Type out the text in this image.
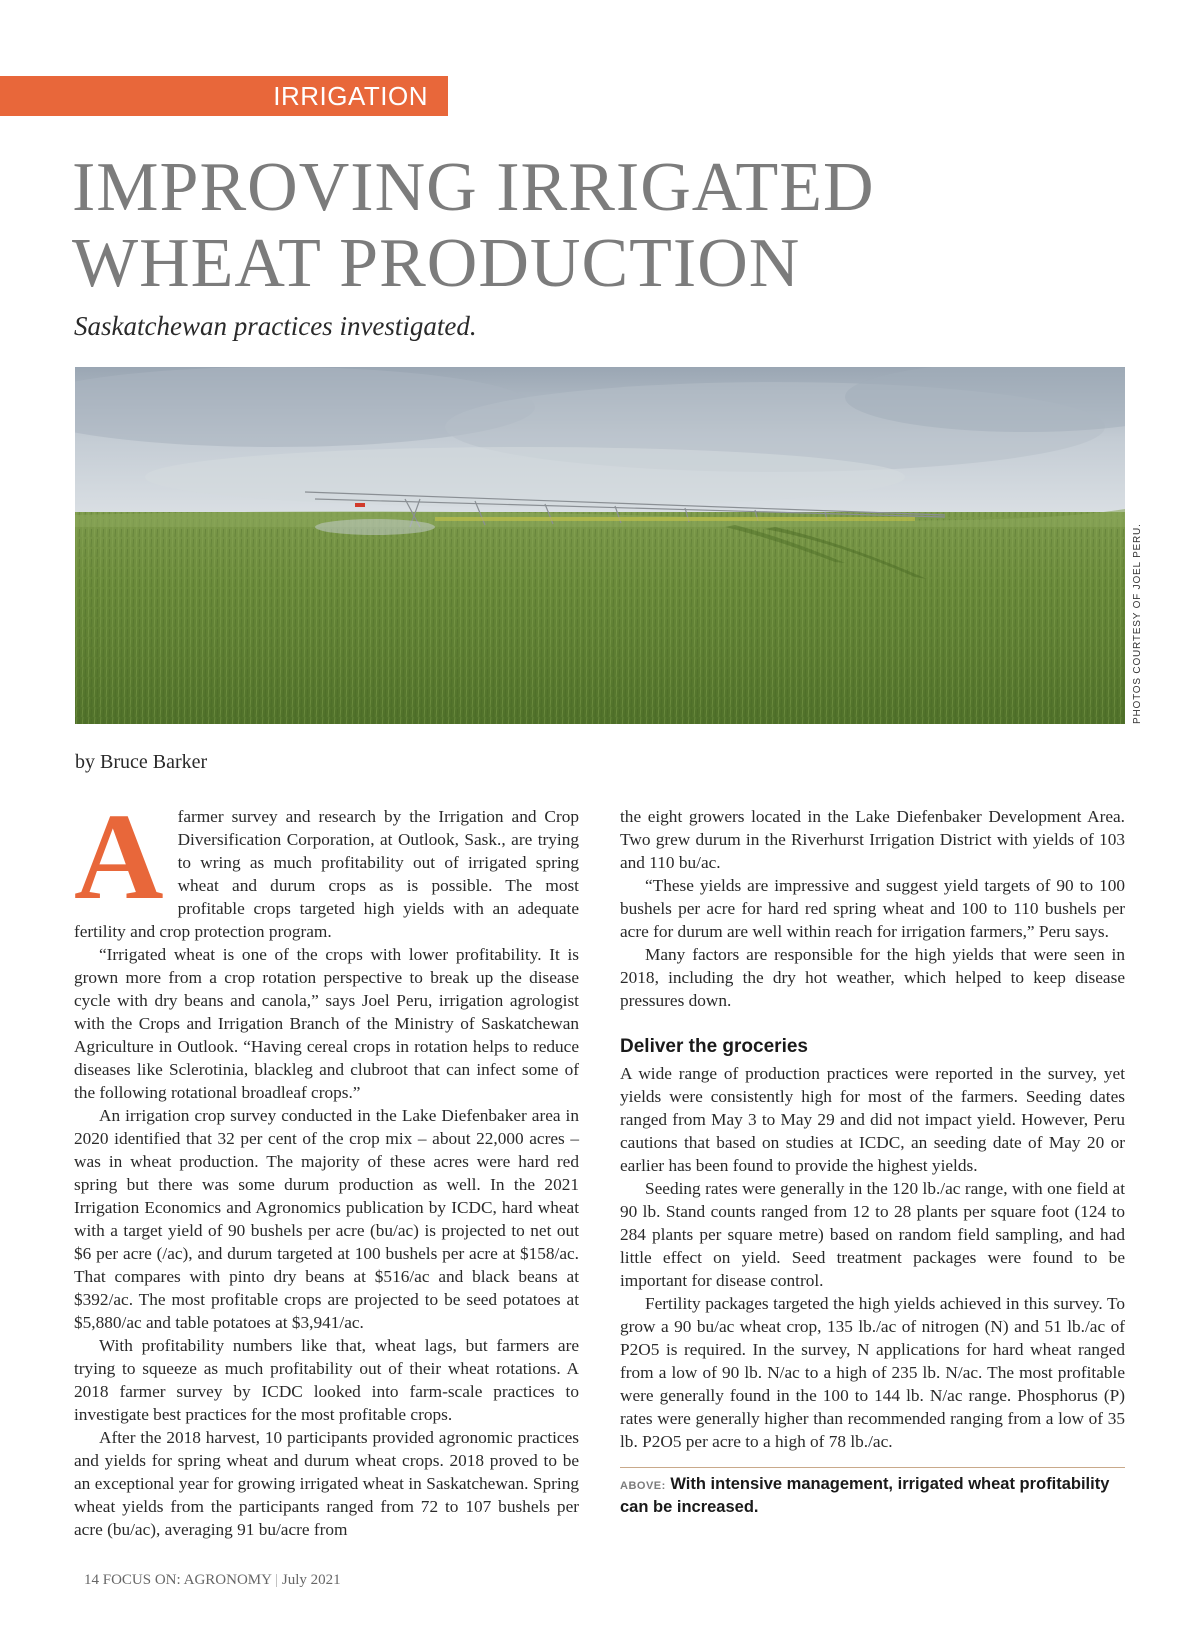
IRRIGATION
IMPROVING IRRIGATED
WHEAT PRODUCTION

Saskatchewan practices investigated.

PHOTOS COURTESY OF JOEL PERU.
by Bruce Barker

Afarmer survey and research by the Irrigation and Crop Diversification Corporation, at Outlook, Sask., are trying to wring as much profitability out of irrigated spring wheat and durum crops as is possible. The most profitable crops targeted high yields with an adequate fertility and crop protection program.

“Irrigated wheat is one of the crops with lower profitability. It is grown more from a crop rotation perspective to break up the disease cycle with dry beans and canola,” says Joel Peru, irrigation agrologist with the Crops and Irrigation Branch of the Ministry of Saskatchewan Agriculture in Outlook. “Having cereal crops in rotation helps to reduce diseases like Sclerotinia, blackleg and clubroot that can infect some of the following rotational broadleaf crops.”

An irrigation crop survey conducted in the Lake Diefenbaker area in 2020 identified that 32 per cent of the crop mix – about 22,000 acres – was in wheat production. The majority of these acres were hard red spring but there was some durum production as well. In the 2021 Irrigation Economics and Agronomics publication by ICDC, hard wheat with a target yield of 90 bushels per acre (bu/ac) is projected to net out $6 per acre (/ac), and durum targeted at 100 bushels per acre at $158/ac. That compares with pinto dry beans at $516/ac and black beans at $392/ac. The most profitable crops are projected to be seed potatoes at $5,880/ac and table potatoes at $3,941/ac.

With profitability numbers like that, wheat lags, but farmers are trying to squeeze as much profitability out of their wheat rotations. A 2018 farmer survey by ICDC looked into farm-scale practices to investigate best practices for the most profitable crops.

After the 2018 harvest, 10 participants provided agronomic practices and yields for spring wheat and durum wheat crops. 2018 proved to be an exceptional year for growing irrigated wheat in Saskatchewan. Spring wheat yields from the participants ranged from 72 to 107 bushels per acre (bu/ac), averaging 91 bu/acre from

the eight growers located in the Lake Diefenbaker Development Area. Two grew durum in the Riverhurst Irrigation District with yields of 103 and 110 bu/ac.

“These yields are impressive and suggest yield targets of 90 to 100 bushels per acre for hard red spring wheat and 100 to 110 bushels per acre for durum are well within reach for irrigation farmers,” Peru says.

Many factors are responsible for the high yields that were seen in 2018, including the dry hot weather, which helped to keep disease pressures down.

Deliver the groceries

A wide range of production practices were reported in the survey, yet yields were consistently high for most of the farmers. Seeding dates ranged from May 3 to May 29 and did not impact yield. However, Peru cautions that based on studies at ICDC, an seeding date of May 20 or earlier has been found to provide the highest yields.

Seeding rates were generally in the 120 lb./ac range, with one field at 90 lb. Stand counts ranged from 12 to 28 plants per square foot (124 to 284 plants per square metre) based on random field sampling, and had little effect on yield. Seed treatment packages were found to be important for disease control.

Fertility packages targeted the high yields achieved in this survey. To grow a 90 bu/ac wheat crop, 135 lb./ac of nitrogen (N) and 51 lb./ac of P2O5 is required. In the survey, N applications for hard wheat ranged from a low of 90 lb. N/ac to a high of 235 lb. N/ac. The most profitable were generally found in the 100 to 144 lb. N/ac range. Phosphorus (P) rates were generally higher than recommended ranging from a low of 35 lb. P2O5 per acre to a high of 78 lb./ac.

ABOVE: With intensive management, irrigated wheat profitability can be increased.
14 FOCUS ON: AGRONOMY | July 2021
